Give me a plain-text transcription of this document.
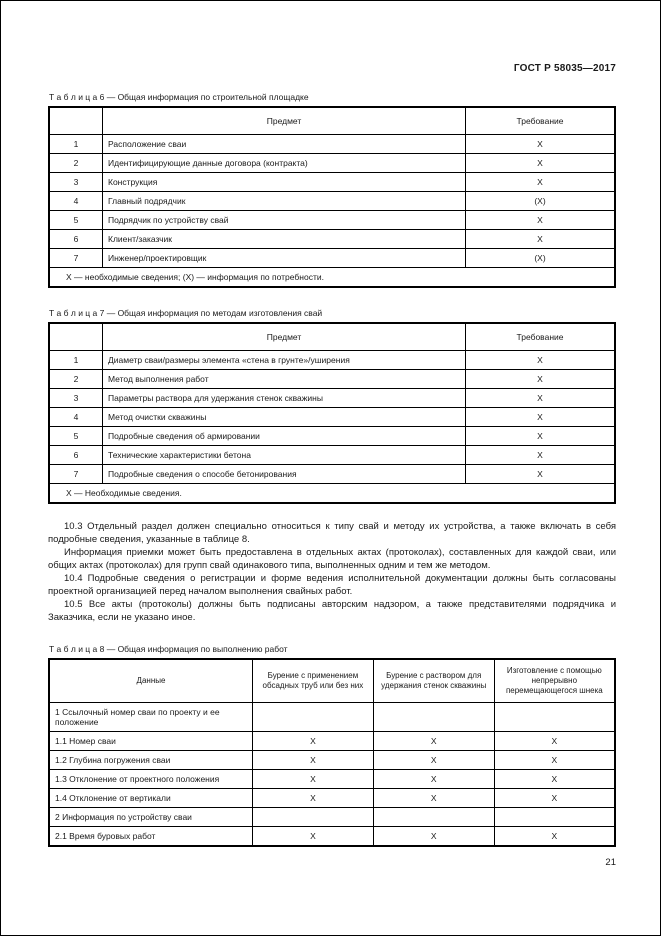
ГОСТ Р 58035—2017
Т а б л и ц а 6 — Общая информация по строительной площадке
	Предмет	Требование
1	Расположение сваи	X
2	Идентифицирующие данные договора (контракта)	X
3	Конструкция	X
4	Главный подрядчик	(X)
5	Подрядчик по устройству свай	X
6	Клиент/заказчик	X
7	Инженер/проектировщик	(X)
X — необходимые сведения; (X) — информация по потребности.		
Т а б л и ц а 7 — Общая информация по методам изготовления свай
	Предмет	Требование
1	Диаметр сваи/размеры элемента «стена в грунте»/уширения	X
2	Метод выполнения работ	X
3	Параметры раствора для удержания стенок скважины	X
4	Метод очистки скважины	X
5	Подробные сведения об армировании	X
6	Технические характеристики бетона	X
7	Подробные сведения о способе бетонирования	X
X — Необходимые сведения.		

10.3 Отдельный раздел должен специально относиться к типу свай и методу их устройства, а также включать в себя подробные сведения, указанные в таблице 8.

Информация приемки может быть предоставлена в отдельных актах (протоколах), составленных для каждой сваи, или общих актах (протоколах) для групп свай одинакового типа, выполненных одним и тем же методом.

10.4 Подробные сведения о регистрации и форме ведения исполнительной документации должны быть согласованы проектной организацией перед началом выполнения свайных работ.

10.5 Все акты (протоколы) должны быть подписаны авторским надзором, а также представителями подрядчика и Заказчика, если не указано иное.

Т а б л и ц а 8 — Общая информация по выполнению работ
Данные	Бурение с применением обсадных труб или без них	Бурение с раствором для удержания стенок скважины	Изготовление с помощью непрерывно перемещающегося шнека
1 Ссылочный номер сваи по проекту и ее положение			
1.1 Номер сваи	X	X	X
1.2 Глубина погружения сваи	X	X	X
1.3 Отклонение от проектного положения	X	X	X
1.4 Отклонение от вертикали	X	X	X
2 Информация по устройству сваи			
2.1 Время буровых работ	X	X	X
21
